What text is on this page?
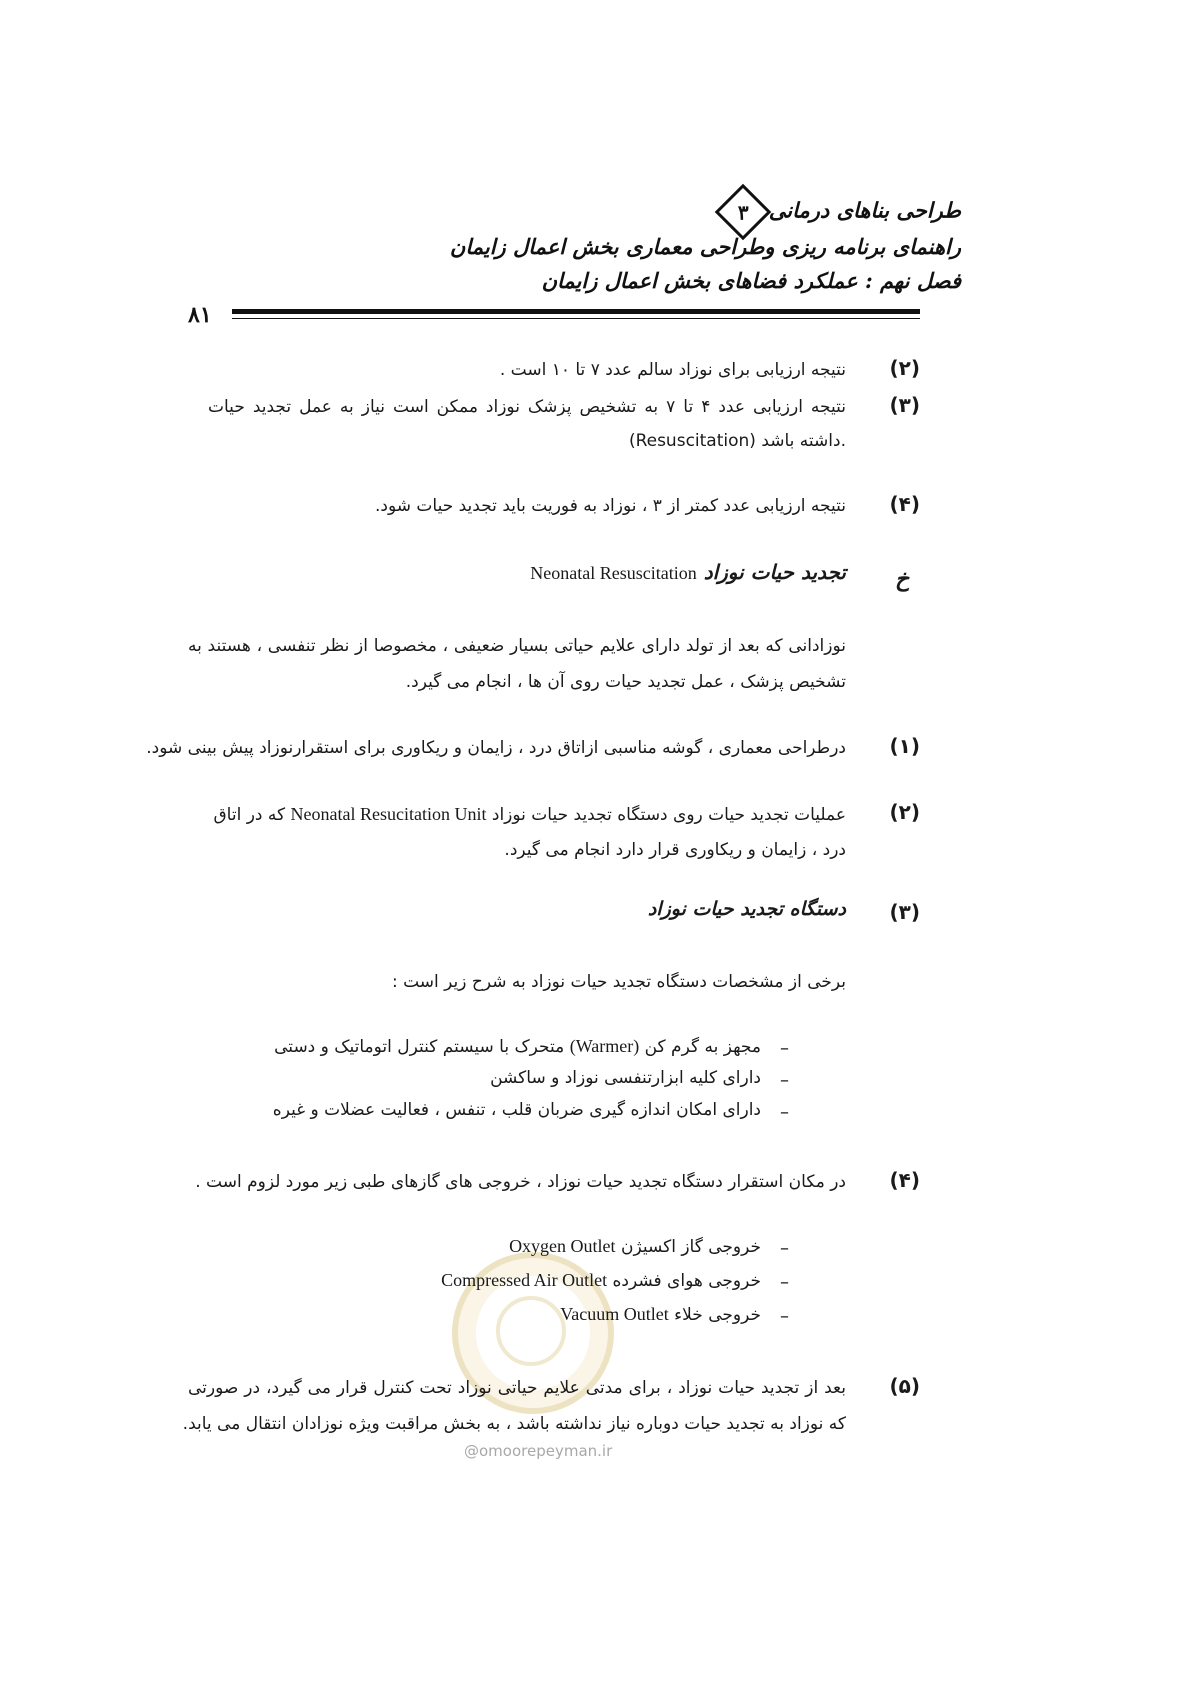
طراحی بناهای درمانی۳
راهنمای برنامه ریزی وطراحی معماری بخش اعمال زایمان
فصل نهم : عملکرد فضاهای بخش اعمال زایمان
۸۱
(۲)
نتیجه ارزیابی برای نوزاد سالم عدد ۷ تا ۱۰ است .
(۳)
نتیجه ارزیابی عدد ۴ تا ۷ به تشخیص پزشک نوزاد ممکن است نیاز به عمل تجدید حیات
(Resuscitation) داشته باشد.
(۴)
نتیجه ارزیابی عدد کمتر از ۳ ، نوزاد به فوریت باید تجدید حیات شود.
خ
تجدید حیات نوزاد Neonatal Resuscitation
نوزادانی که بعد از تولد دارای علایم حیاتی بسیار ضعیفی ، مخصوصا از نظر تنفسی ، هستند به
تشخیص پزشک ، عمل تجدید حیات روی آن ها ، انجام می گیرد.
(۱)
درطراحی معماری ، گوشه مناسبی ازاتاق درد ، زایمان و ریکاوری برای استقرارنوزاد پیش بینی شود.
(۲)
عملیات تجدید حیات روی دستگاه تجدید حیات نوزاد Neonatal Resucitation Unit که در اتاق
درد ، زایمان و ریکاوری قرار دارد انجام می گیرد.
(۳)
دستگاه تجدید حیات نوزاد
برخی از مشخصات دستگاه تجدید حیات نوزاد به شرح زیر است :
–
مجهز به گرم کن (Warmer) متحرک با سیستم کنترل اتوماتیک و دستی
–
دارای کلیه ابزارتنفسی نوزاد و ساکشن
–
دارای امکان اندازه گیری ضربان قلب ، تنفس ، فعالیت عضلات و غیره
(۴)
در مکان استقرار دستگاه تجدید حیات نوزاد ، خروجی های گازهای طبی زیر مورد لزوم است .
–
خروجی گاز اکسیژن Oxygen Outlet
–
خروجی هوای فشرده Compressed Air Outlet
–
خروجی خلاء Vacuum Outlet
(۵)
بعد از تجدید حیات نوزاد ، برای مدتی علایم حیاتی نوزاد تحت کنترل قرار می گیرد، در صورتی
که نوزاد به تجدید حیات دوباره نیاز نداشته باشد ، به بخش مراقبت ویژه نوزادان انتقال می یابد.
@omoorepeyman.ir
